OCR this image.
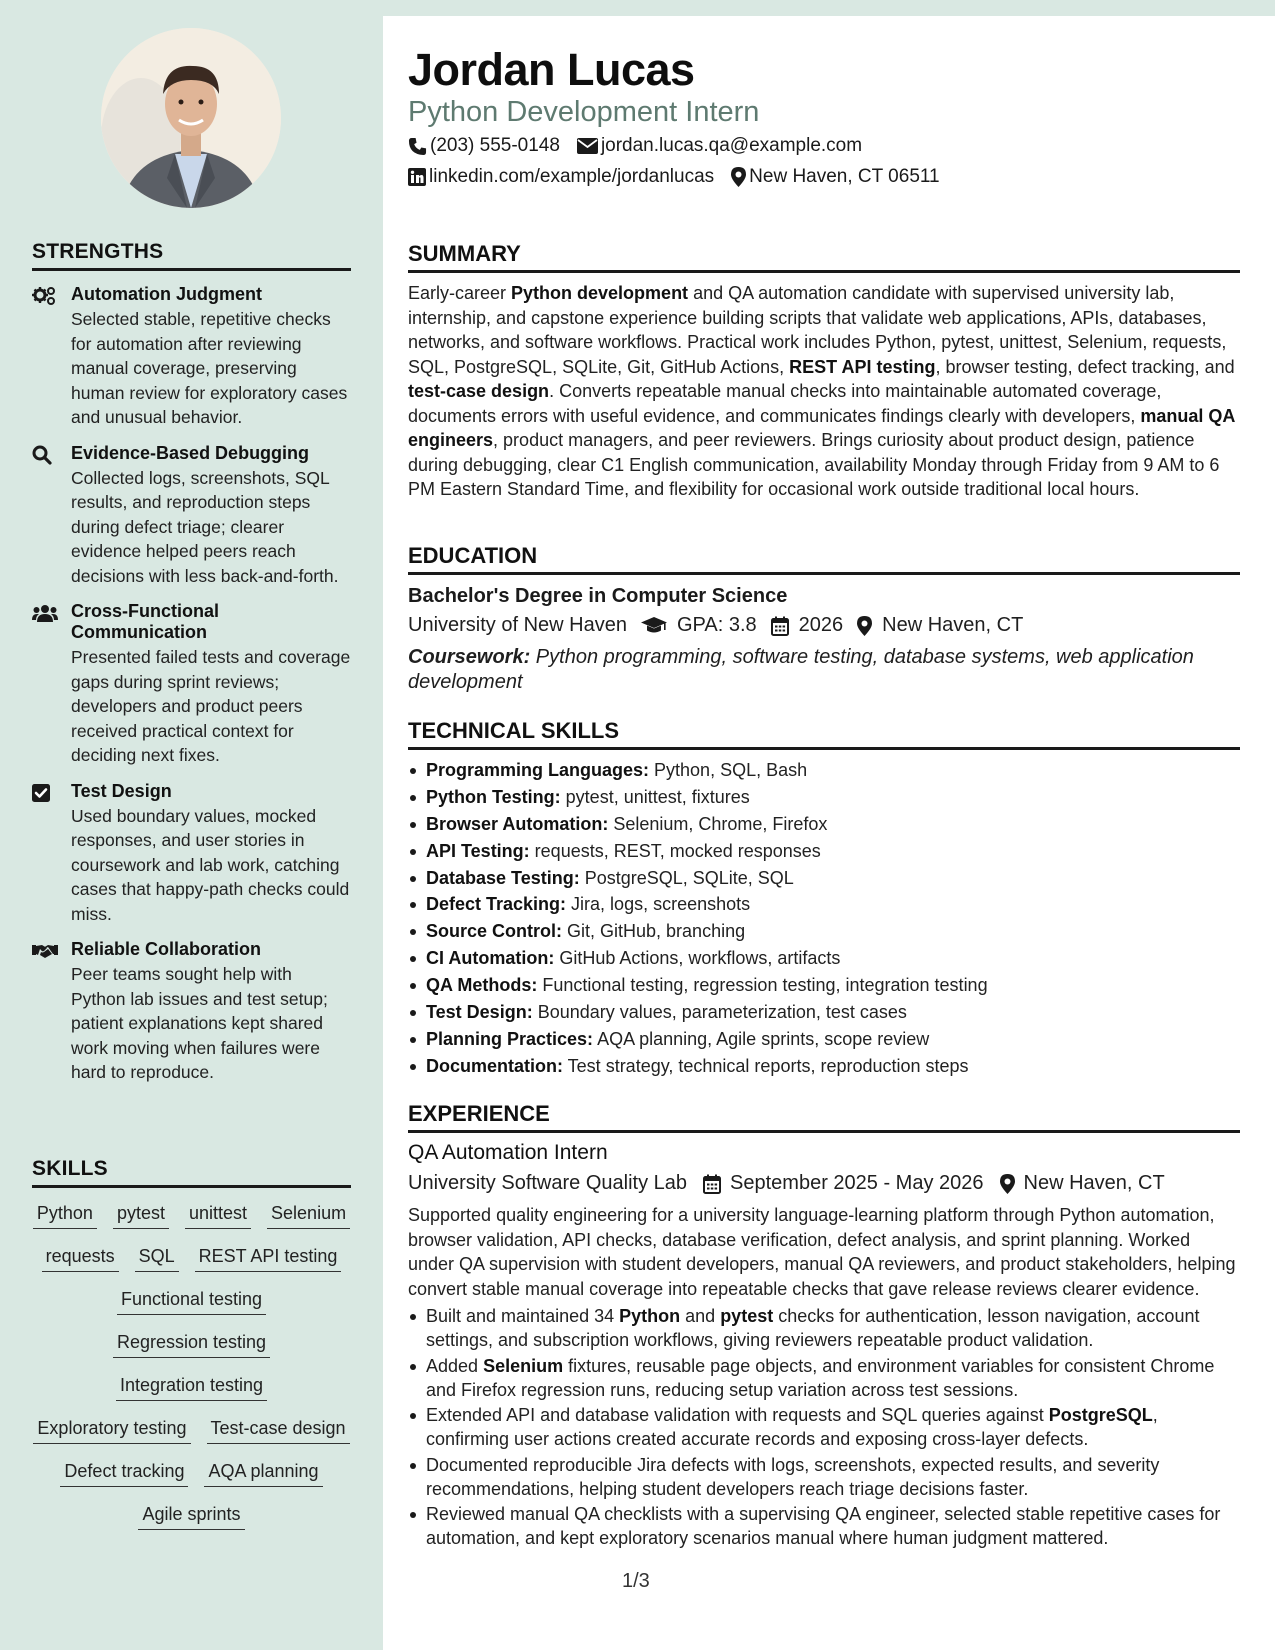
STRENGTHS
Automation Judgment
Selected stable, repetitive checks for automation after reviewing manual coverage, preserving human review for exploratory cases and unusual behavior.
Evidence-Based Debugging
Collected logs, screenshots, SQL results, and reproduction steps during defect triage; clearer evidence helped peers reach decisions with less back-and-forth.
Cross-Functional Communication
Presented failed tests and coverage gaps during sprint reviews; developers and product peers received practical context for deciding next fixes.
Test Design
Used boundary values, mocked responses, and user stories in coursework and lab work, catching cases that happy-path checks could miss.
Reliable Collaboration
Peer teams sought help with Python lab issues and test setup; patient explanations kept shared work moving when failures were hard to reproduce.
SKILLS
Python pytest unittest Selenium
requests SQL REST API testing
Functional testing
Regression testing
Integration testing
Exploratory testing Test-case design
Defect tracking AQA planning
Agile sprints
Jordan Lucas
Python Development Intern
(203) 555-0148 jordan.lucas.qa@example.com
linkedin.com/example/jordanlucas New Haven, CT 06511
SUMMARY

Early-career Python development and QA automation candidate with supervised university lab, internship, and capstone experience building scripts that validate web applications, APIs, databases, networks, and software workflows. Practical work includes Python, pytest, unittest, Selenium, requests, SQL, PostgreSQL, SQLite, Git, GitHub Actions, REST API testing, browser testing, defect tracking, and test-case design. Converts repeatable manual checks into maintainable automated coverage, documents errors with useful evidence, and communicates findings clearly with developers, manual QA engineers, product managers, and peer reviewers. Brings curiosity about product design, patience during debugging, clear C1 English communication, availability Monday through Friday from 9 AM to 6 PM Eastern Standard Time, and flexibility for occasional work outside traditional local hours.

EDUCATION
Bachelor's Degree in Computer Science
University of New Haven	GPA: 3.8 2026 New Haven, CT
Coursework: Python programming, software testing, database systems, web application development
TECHNICAL SKILLS
Programming Languages: Python, SQL, Bash
Python Testing: pytest, unittest, fixtures
Browser Automation: Selenium, Chrome, Firefox
API Testing: requests, REST, mocked responses
Database Testing: PostgreSQL, SQLite, SQL
Defect Tracking: Jira, logs, screenshots
Source Control: Git, GitHub, branching
CI Automation: GitHub Actions, workflows, artifacts
QA Methods: Functional testing, regression testing, integration testing
Test Design: Boundary values, parameterization, test cases
Planning Practices: AQA planning, Agile sprints, scope review
Documentation: Test strategy, technical reports, reproduction steps
EXPERIENCE
QA Automation Intern
University Software Quality Lab September 2025 - May 2026 New Haven, CT

Supported quality engineering for a university language-learning platform through Python automation, browser validation, API checks, database verification, defect analysis, and sprint planning. Worked under QA supervision with student developers, manual QA reviewers, and product stakeholders, helping convert stable manual coverage into repeatable checks that gave release reviews clearer evidence.

Built and maintained 34 Python and pytest checks for authentication, lesson navigation, account settings, and subscription workflows, giving reviewers repeatable product validation.
Added Selenium fixtures, reusable page objects, and environment variables for consistent Chrome and Firefox regression runs, reducing setup variation across test sessions.
Extended API and database validation with requests and SQL queries against PostgreSQL, confirming user actions created accurate records and exposing cross-layer defects.
Documented reproducible Jira defects with logs, screenshots, expected results, and severity recommendations, helping student developers reach triage decisions faster.
Reviewed manual QA checklists with a supervising QA engineer, selected stable repetitive cases for automation, and kept exploratory scenarios manual where human judgment mattered.
1/3
